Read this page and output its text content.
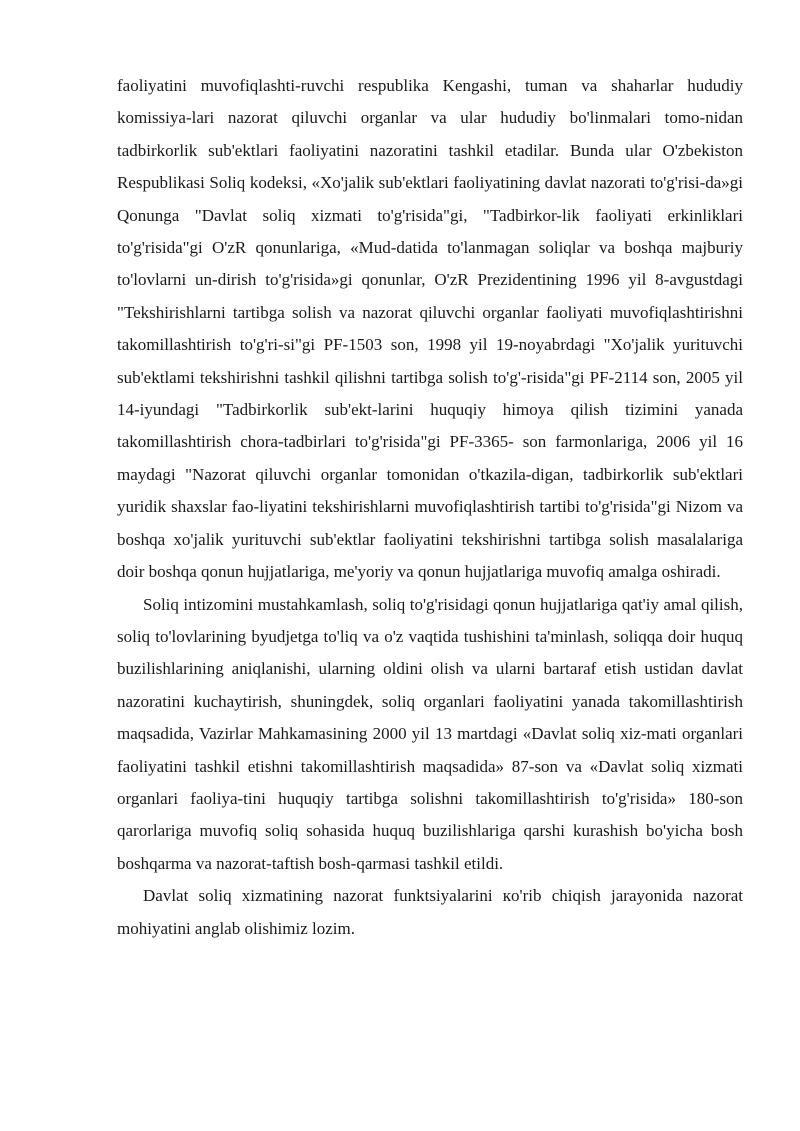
faoliyatini muvofiqlashti-ruvchi respublika Kengashi, tuman va shaharlar hududiy komissiya-lari nazorat qiluvchi organlar va ular hududiy bo'linmalari tomo-nidan tadbirkorlik sub'ektlari faoliyatini nazoratini tashkil etadilar. Bunda ular O'zbekiston Respublikasi Soliq kodeksi, «Xo'jalik sub'ektlari faoliyatining davlat nazorati to'g'risi-da»gi Qonunga "Davlat soliq xizmati to'g'risida"gi, "Tadbirkor-lik faoliyati erkinliklari to'g'risida"gi O'zR qonunlariga, «Mud-datida to'lanmagan soliqlar va boshqa majburiy to'lovlarni un-dirish to'g'risida»gi qonunlar, O'zR Prezidentining 1996 yil 8-avgustdagi "Tekshirishlarni tartibga solish va nazorat qiluvchi organlar faoliyati muvofiqlashtirishni takomillashtirish to'g'ri-si"gi PF-1503 son, 1998 yil 19-noyabrdagi "Xo'jalik yurituvchi sub'ektlami tekshirishni tashkil qilishni tartibga solish to'g'-risida"gi PF-2114 son, 2005 yil 14-iyundagi "Tadbirkorlik sub'ekt-larini huquqiy himoya qilish tizimini yanada takomillashtirish chora-tadbirlari to'g'risida"gi PF-3365- son farmonlariga, 2006 yil 16 maydagi "Nazorat qiluvchi organlar tomonidan o'tkazila-digan, tadbirkorlik sub'ektlari yuridik shaxslar fao-liyatini tekshirishlarni muvofiqlashtirish tartibi to'g'risida"gi Nizom va boshqa xo'jalik yurituvchi sub'ektlar faoliyatini tekshirishni tartibga solish masalalariga doir boshqa qonun hujjatlariga, me'yoriy va qonun hujjatlariga muvofiq amalga oshiradi.

Soliq intizomini mustahkamlash, soliq to'g'risidagi qonun hujjatlariga qat'iy amal qilish, soliq to'lovlarining byudjetga to'liq va o'z vaqtida tushishini ta'minlash, soliqqa doir huquq buzilishlarining aniqlanishi, ularning oldini olish va ularni bartaraf etish ustidan davlat nazoratini kuchaytirish, shuningdek, soliq organlari faoliyatini yanada takomillashtirish maqsadida, Vazirlar Mahkamasining 2000 yil 13 martdagi «Davlat soliq xiz-mati organlari faoliyatini tashkil etishni takomillashtirish maqsadida» 87-son va «Davlat soliq xizmati organlari faoliya-tini huquqiy tartibga solishni takomillashtirish to'g'risida» 180-son qarorlariga muvofiq soliq sohasida huquq buzilishlariga qarshi kurashish bo'yicha bosh boshqarma va nazorat-taftish bosh-qarmasi tashkil etildi.

Davlat soliq xizmatining nazorat funktsiyalarini кo'rib chiqish jarayonida nazorat mohiyatini anglab olishimiz lozim.
